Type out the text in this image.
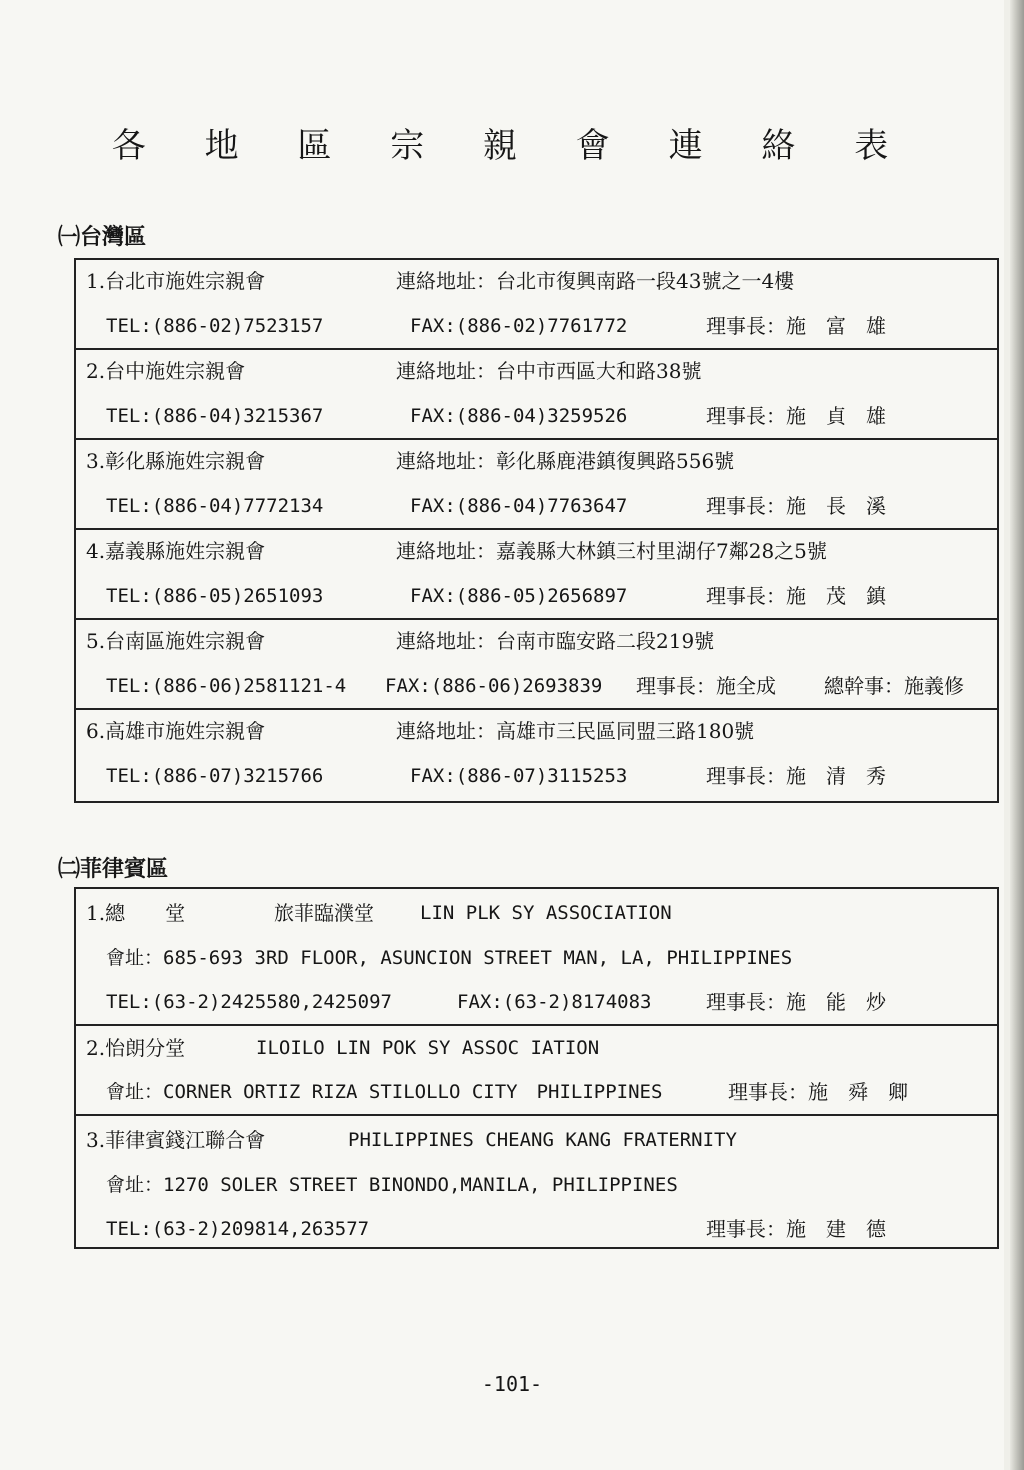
各 地 區 宗 親 會 連 絡 表
㈠台灣區
1.台北市施姓宗親會	連絡地址：台北市復興南路一段43號之一4樓
TEL:(886-02)7523157	FAX:(886-02)7761772	理事長：施　富　雄
2.台中施姓宗親會	連絡地址：台中市西區大和路38號
TEL:(886-04)3215367	FAX:(886-04)3259526	理事長：施　貞　雄
3.彰化縣施姓宗親會	連絡地址：彰化縣鹿港鎮復興路556號
TEL:(886-04)7772134	FAX:(886-04)7763647	理事長：施　長　溪
4.嘉義縣施姓宗親會	連絡地址：嘉義縣大林鎮三村里湖仔7鄰28之5號
TEL:(886-05)2651093	FAX:(886-05)2656897	理事長：施　茂　鎮
5.台南區施姓宗親會	連絡地址：台南市臨安路二段219號
TEL:(886-06)2581121-4 FAX:(886-06)2693839 理事長：施全成 總幹事：施義修
6.高雄市施姓宗親會	連絡地址：高雄市三民區同盟三路180號
TEL:(886-07)3215766	FAX:(886-07)3115253	理事長：施　清　秀
㈡菲律賓區
1.總　　堂	旅菲臨濮堂 LIN PLK SY ASSOCIATION
會址：685-693 3RD FLOOR, ASUNCION STREET MAN, LA, PHILIPPINES
TEL:(63-2)2425580,2425097	FAX:(63-2)8174083	理事長：施　能　炒
2.怡朗分堂	ILOILO LIN POK SY ASSOC IATION
會址：CORNER ORTIZ RIZA STILOLLO CITY　PHILIPPINES	理事長：施　舜　卿
3.菲律賓錢江聯合會	PHILIPPINES CHEANG KANG FRATERNITY
會址：1270 SOLER STREET BINONDO,MANILA, PHILIPPINES
TEL:(63-2)209814,263577	理事長：施　建　德
-101-
